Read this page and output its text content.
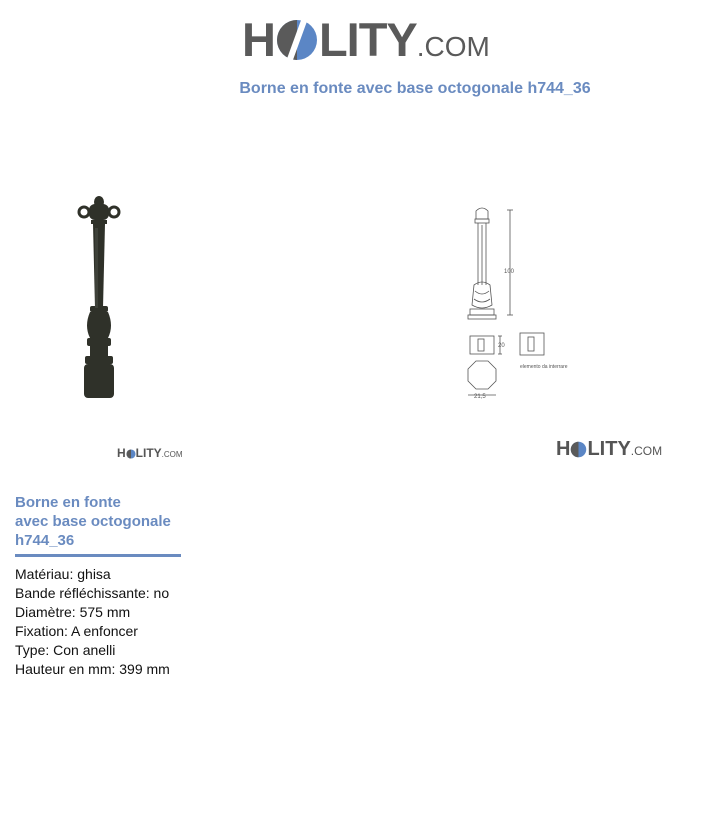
H LITY.COM
Borne en fonte avec base octogonale h744_36
100
20
21,5
elemento da interrare
H LITY.COM	H LITY.COM
Borne en fonte
avec base octogonale
h744_36
Matériau: ghisa
Bande réfléchissante: no
Diamètre: 575 mm
Fixation: A enfoncer
Type: Con anelli
Hauteur en mm: 399 mm
